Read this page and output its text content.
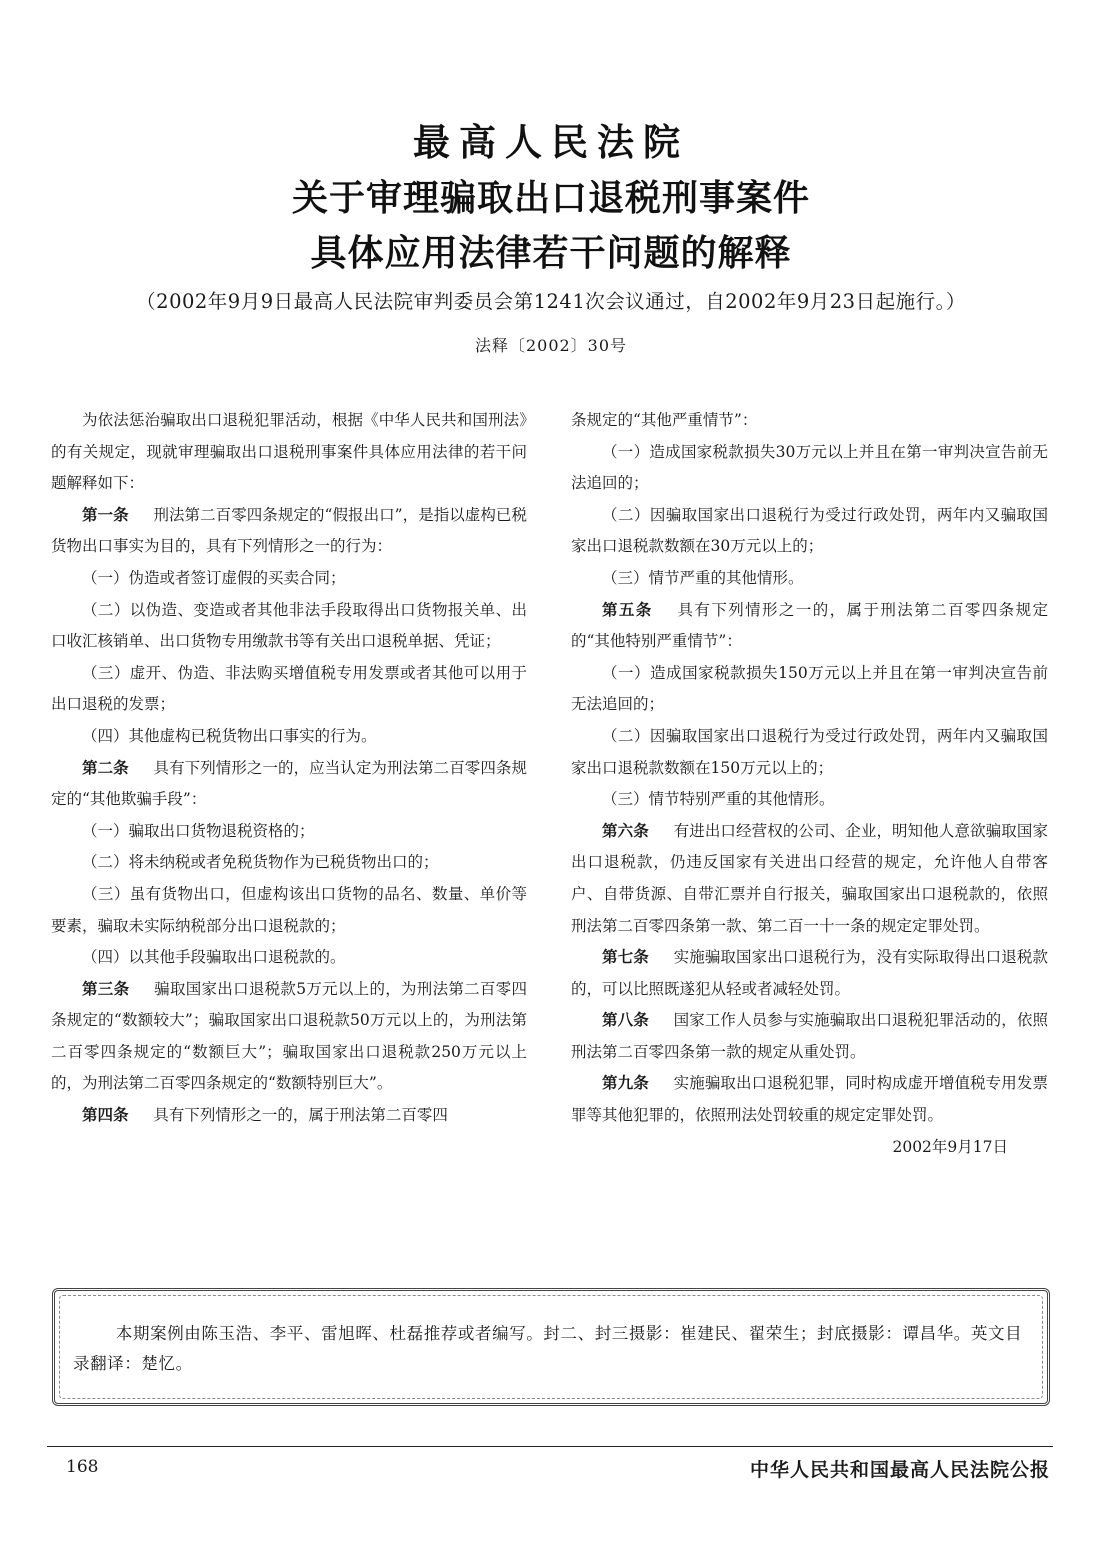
最高人民法院
关于审理骗取出口退税刑事案件
具体应用法律若干问题的解释
（2002年9月9日最高人民法院审判委员会第1241次会议通过，自2002年9月23日起施行。）
法释〔2002〕30号

为依法惩治骗取出口退税犯罪活动，根据《中华人民共和国刑法》的有关规定，现就审理骗取出口退税刑事案件具体应用法律的若干问题解释如下：

第一条 刑法第二百零四条规定的“假报出口”，是指以虚构已税货物出口事实为目的，具有下列情形之一的行为：

（一）伪造或者签订虚假的买卖合同；

（二）以伪造、变造或者其他非法手段取得出口货物报关单、出口收汇核销单、出口货物专用缴款书等有关出口退税单据、凭证；

（三）虚开、伪造、非法购买增值税专用发票或者其他可以用于出口退税的发票；

（四）其他虚构已税货物出口事实的行为。

第二条 具有下列情形之一的，应当认定为刑法第二百零四条规定的“其他欺骗手段”：

（一）骗取出口货物退税资格的；

（二）将未纳税或者免税货物作为已税货物出口的；

（三）虽有货物出口，但虚构该出口货物的品名、数量、单价等要素，骗取未实际纳税部分出口退税款的；

（四）以其他手段骗取出口退税款的。

第三条 骗取国家出口退税款5万元以上的，为刑法第二百零四条规定的“数额较大”；骗取国家出口退税款50万元以上的，为刑法第二百零四条规定的“数额巨大”；骗取国家出口退税款250万元以上的，为刑法第二百零四条规定的“数额特别巨大”。

第四条 具有下列情形之一的，属于刑法第二百零四

条规定的“其他严重情节”：

（一）造成国家税款损失30万元以上并且在第一审判决宣告前无法追回的；

（二）因骗取国家出口退税行为受过行政处罚，两年内又骗取国家出口退税款数额在30万元以上的；

（三）情节严重的其他情形。

第五条 具有下列情形之一的，属于刑法第二百零四条规定的“其他特别严重情节”：

（一）造成国家税款损失150万元以上并且在第一审判决宣告前无法追回的；

（二）因骗取国家出口退税行为受过行政处罚，两年内又骗取国家出口退税款数额在150万元以上的；

（三）情节特别严重的其他情形。

第六条 有进出口经营权的公司、企业，明知他人意欲骗取国家出口退税款，仍违反国家有关进出口经营的规定，允许他人自带客户、自带货源、自带汇票并自行报关，骗取国家出口退税款的，依照刑法第二百零四条第一款、第二百一十一条的规定定罪处罚。

第七条 实施骗取国家出口退税行为，没有实际取得出口退税款的，可以比照既遂犯从轻或者减轻处罚。

第八条 国家工作人员参与实施骗取出口退税犯罪活动的，依照刑法第二百零四条第一款的规定从重处罚。

第九条 实施骗取出口退税犯罪，同时构成虚开增值税专用发票罪等其他犯罪的，依照刑法处罚较重的规定定罪处罚。

2002年9月17日

本期案例由陈玉浩、李平、雷旭晖、杜磊推荐或者编写。封二、封三摄影：崔建民、翟荣生；封底摄影：谭昌华。英文目录翻译：楚忆。
168	中华人民共和国最高人民法院公报
